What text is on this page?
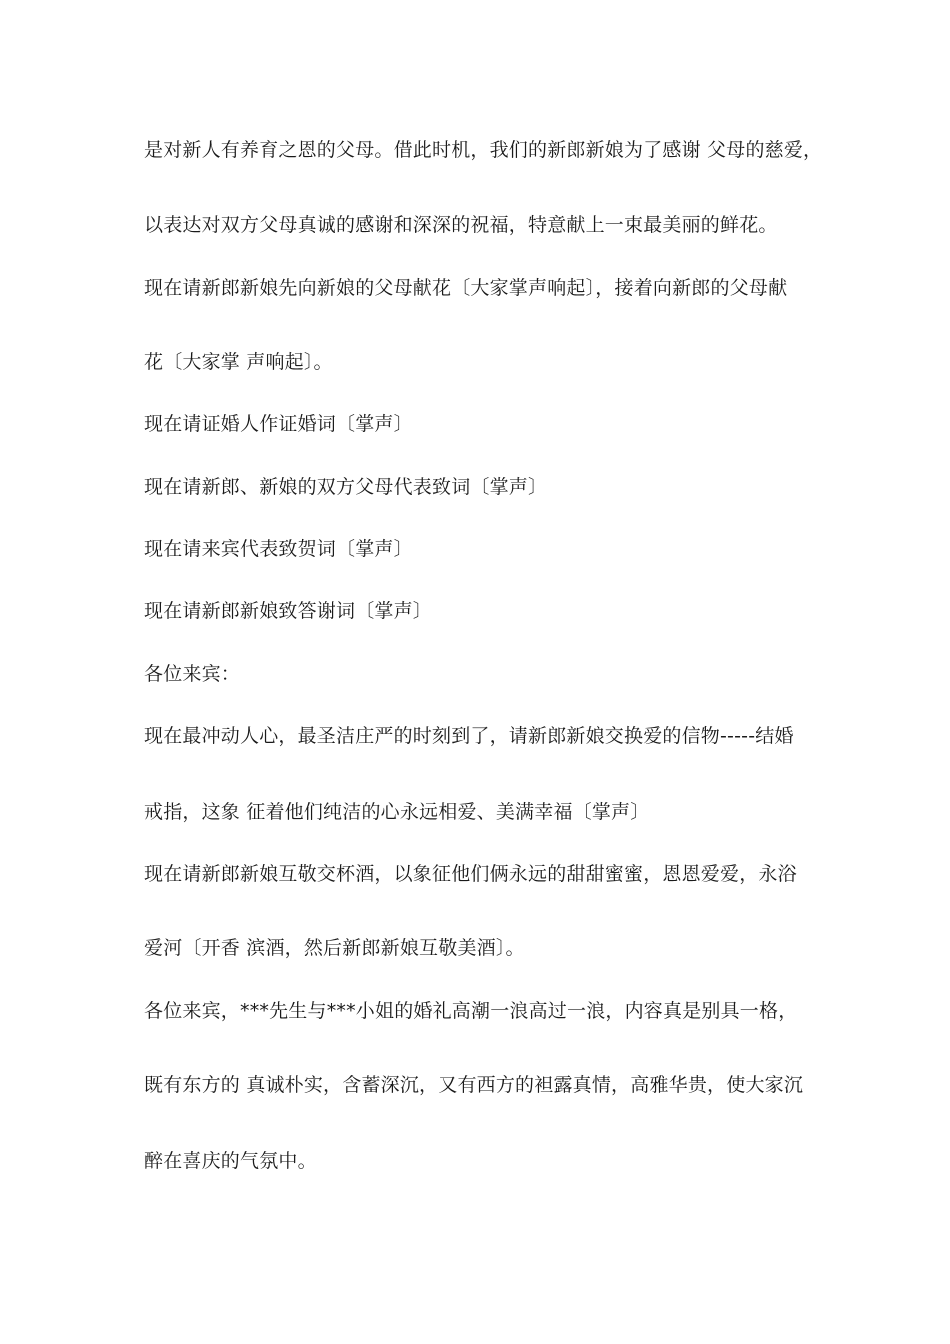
是对新人有养育之恩的父母。借此时机，我们的新郎新娘为了感谢 父母的慈爱，
以表达对双方父母真诚的感谢和深深的祝福，特意献上一束最美丽的鲜花。
现在请新郎新娘先向新娘的父母献花〔大家掌声响起〕，接着向新郎的父母献
花〔大家掌 声响起〕。
现在请证婚人作证婚词〔掌声〕
现在请新郎、新娘的双方父母代表致词〔掌声〕
现在请来宾代表致贺词〔掌声〕
现在请新郎新娘致答谢词〔掌声〕
各位来宾：
现在最冲动人心，最圣洁庄严的时刻到了，请新郎新娘交换爱的信物-----结婚
戒指，这象 征着他们纯洁的心永远相爱、美满幸福〔掌声〕
现在请新郎新娘互敬交杯酒，以象征他们俩永远的甜甜蜜蜜，恩恩爱爱，永浴
爱河〔开香 滨酒，然后新郎新娘互敬美酒〕。
各位来宾，***先生与***小姐的婚礼高潮一浪高过一浪，内容真是别具一格，
既有东方的 真诚朴实，含蓄深沉，又有西方的袒露真情，高雅华贵，使大家沉
醉在喜庆的气氛中。
